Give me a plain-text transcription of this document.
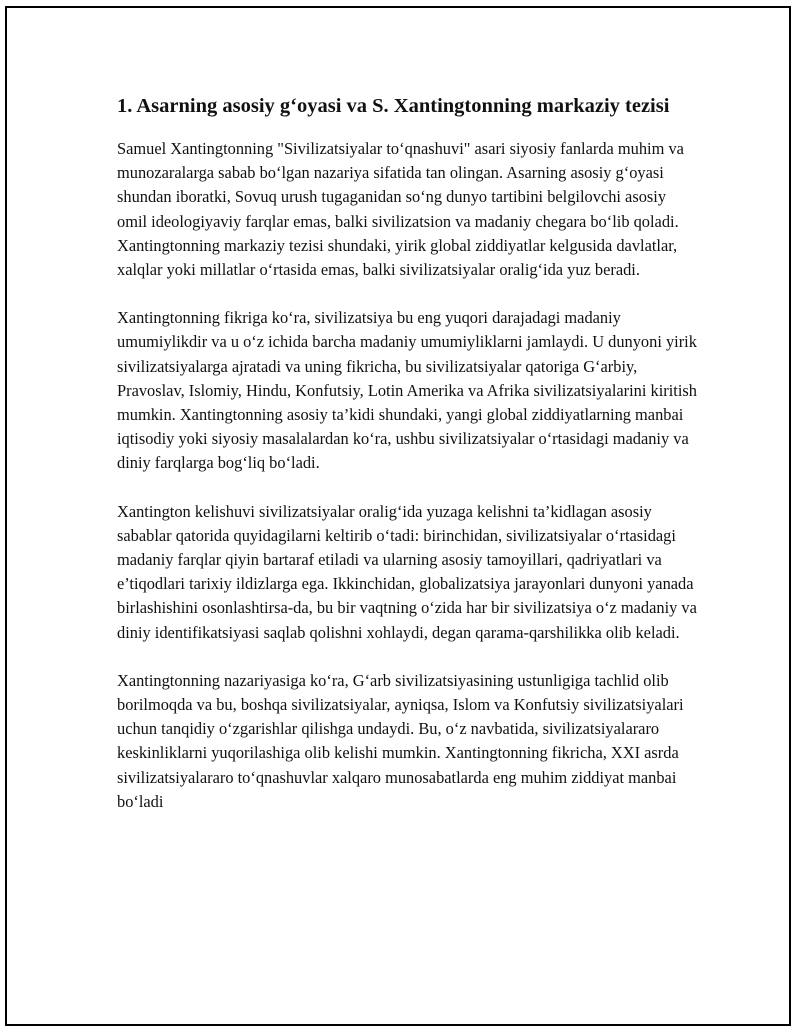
1. Asarning asosiy g‘oyasi va S. Xantingtonning markaziy tezisi

Samuel Xantingtonning "Sivilizatsiyalar to‘qnashuvi" asari siyosiy fanlarda muhim va munozaralarga sabab bo‘lgan nazariya sifatida tan olingan. Asarning asosiy g‘oyasi shundan iboratki, Sovuq urush tugaganidan so‘ng dunyo tartibini belgilovchi asosiy omil ideologiyaviy farqlar emas, balki sivilizatsion va madaniy chegara bo‘lib qoladi. Xantingtonning markaziy tezisi shundaki, yirik global ziddiyatlar kelgusida davlatlar, xalqlar yoki millatlar o‘rtasida emas, balki sivilizatsiyalar oralig‘ida yuz beradi.

Xantingtonning fikriga ko‘ra, sivilizatsiya bu eng yuqori darajadagi madaniy umumiylikdir va u o‘z ichida barcha madaniy umumiyliklarni jamlaydi. U dunyoni yirik sivilizatsiyalarga ajratadi va uning fikricha, bu sivilizatsiyalar qatoriga G‘arbiy, Pravoslav, Islomiy, Hindu, Konfutsiy, Lotin Amerika va Afrika sivilizatsiyalarini kiritish mumkin. Xantingtonning asosiy ta’kidi shundaki, yangi global ziddiyatlarning manbai iqtisodiy yoki siyosiy masalalardan ko‘ra, ushbu sivilizatsiyalar o‘rtasidagi madaniy va diniy farqlarga bog‘liq bo‘ladi.

Xantington kelishuvi sivilizatsiyalar oralig‘ida yuzaga kelishni ta’kidlagan asosiy sabablar qatorida quyidagilarni keltirib o‘tadi: birinchidan, sivilizatsiyalar o‘rtasidagi madaniy farqlar qiyin bartaraf etiladi va ularning asosiy tamoyillari, qadriyatlari va e’tiqodlari tarixiy ildizlarga ega. Ikkinchidan, globalizatsiya jarayonlari dunyoni yanada birlashishini osonlashtirsa-da, bu bir vaqtning o‘zida har bir sivilizatsiya o‘z madaniy va diniy identifikatsiyasi saqlab qolishni xohlaydi, degan qarama-qarshilikka olib keladi.

Xantingtonning nazariyasiga ko‘ra, G‘arb sivilizatsiyasining ustunligiga tachlid olib borilmoqda va bu, boshqa sivilizatsiyalar, ayniqsa, Islom va Konfutsiy sivilizatsiyalari uchun tanqidiy o‘zgarishlar qilishga undaydi. Bu, o‘z navbatida, sivilizatsiyalararo keskinliklarni yuqorilashiga olib kelishi mumkin. Xantingtonning fikricha, XXI asrda sivilizatsiyalararo to‘qnashuvlar xalqaro munosabatlarda eng muhim ziddiyat manbai bo‘ladi
